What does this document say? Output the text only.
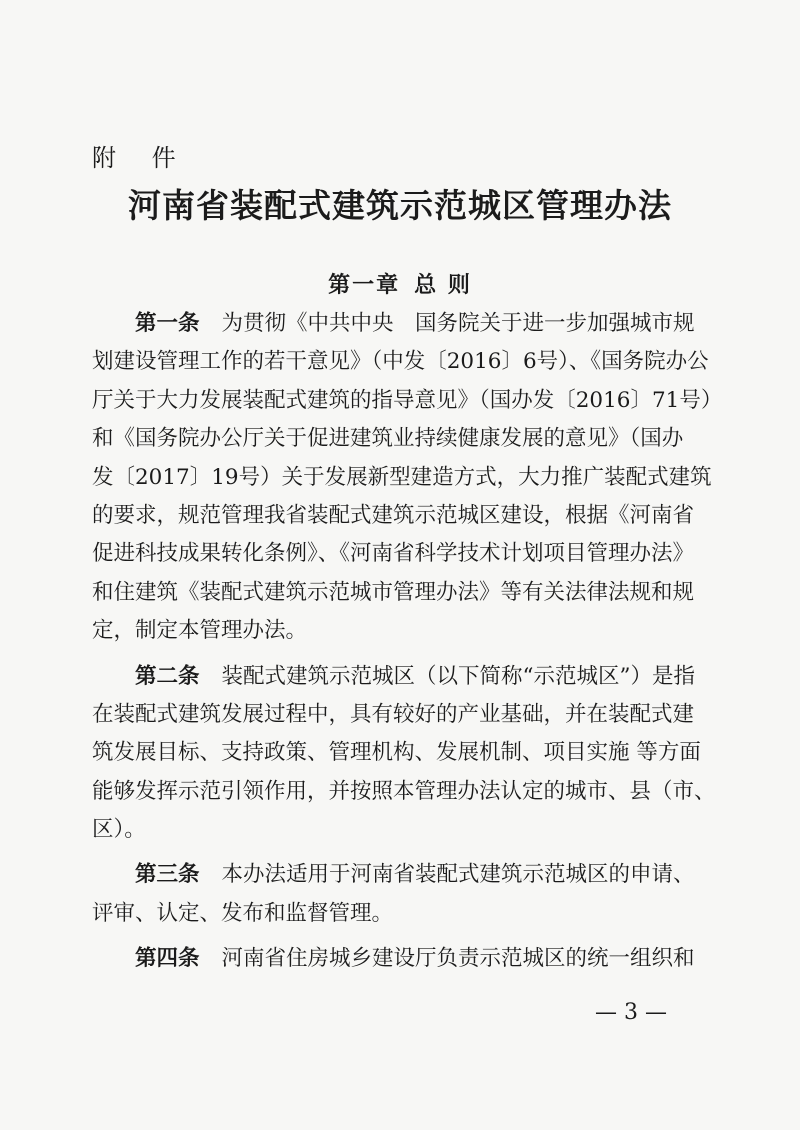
附 件
河南省装配式建筑示范城区管理办法
第一章 总 则
第一条 为贯彻《中共中央　国务院关于进一步加强城市规
划建设管理工作的若干意见》（中发〔2016〕6号）、《国务院办公
厅关于大力发展装配式建筑的指导意见》（国办发〔2016〕71号）
和《国务院办公厅关于促进建筑业持续健康发展的意见》（国办
发〔2017〕19号）关于发展新型建造方式，大力推广装配式建筑
的要求，规范管理我省装配式建筑示范城区建设，根据《河南省
促进科技成果转化条例》、《河南省科学技术计划项目管理办法》
和住建筑《装配式建筑示范城市管理办法》等有关法律法规和规
定，制定本管理办法。
第二条 装配式建筑示范城区（以下简称“示范城区”）是指
在装配式建筑发展过程中，具有较好的产业基础，并在装配式建
筑发展目标、支持政策、管理机构、发展机制、项目实施 等方面
能够发挥示范引领作用，并按照本管理办法认定的城市、县（市、
区）。
第三条 本办法适用于河南省装配式建筑示范城区的申请、
评审、认定、发布和监督管理。
第四条 河南省住房城乡建设厅负责示范城区的统一组织和
— 3 —
